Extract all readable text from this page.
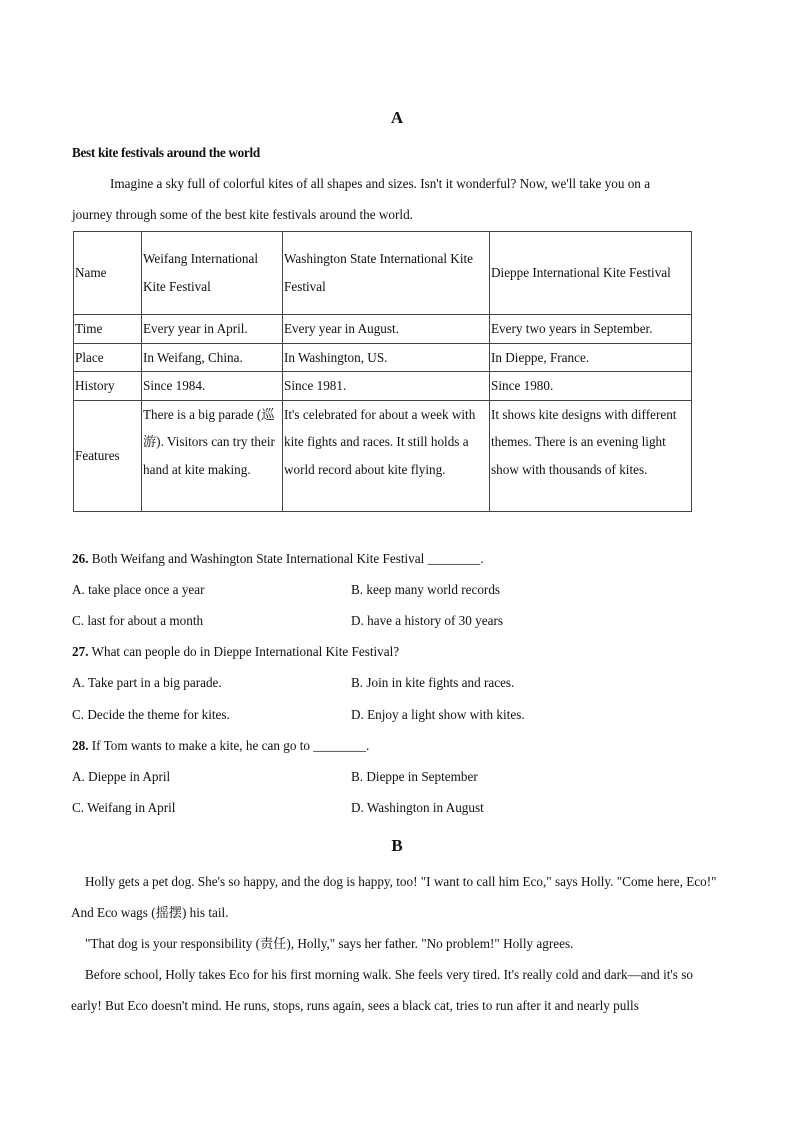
A
Best kite festivals around the world
Imagine a sky full of colorful kites of all shapes and sizes. Isn't it wonderful? Now, we'll take you on a
journey through some of the best kite festivals around the world.
Name	Weifang International Kite Festival	Washington State International Kite Festival	Dieppe International Kite Festival
Time	Every year in April.	Every year in August.	Every two years in September.
Place	In Weifang, China.	In Washington, US.	In Dieppe, France.
History	Since 1984.	Since 1981.	Since 1980.
Features	There is a big parade (巡游). Visitors can try their hand at kite making.	It's celebrated for about a week with kite fights and races. It still holds a world record about kite flying.	It shows kite designs with different themes. There is an evening light show with thousands of kites.
26. Both Weifang and Washington State International Kite Festival ________.
A. take place once a year	B. keep many world records
C. last for about a month	D. have a history of 30 years
27. What can people do in Dieppe International Kite Festival?
A. Take part in a big parade.	B. Join in kite fights and races.
C. Decide the theme for kites.	D. Enjoy a light show with kites.
28. If Tom wants to make a kite, he can go to ________.
A. Dieppe in April	B. Dieppe in September
C. Weifang in April	D. Washington in August
B
Holly gets a pet dog. She's so happy, and the dog is happy, too! "I want to call him Eco," says Holly. "Come here, Eco!" And Eco wags (摇摆) his tail.
"That dog is your responsibility (责任), Holly," says her father. "No problem!" Holly agrees.
Before school, Holly takes Eco for his first morning walk. She feels very tired. It's really cold and dark—and it's so early! But Eco doesn't mind. He runs, stops, runs again, sees a black cat, tries to run after it and nearly pulls
